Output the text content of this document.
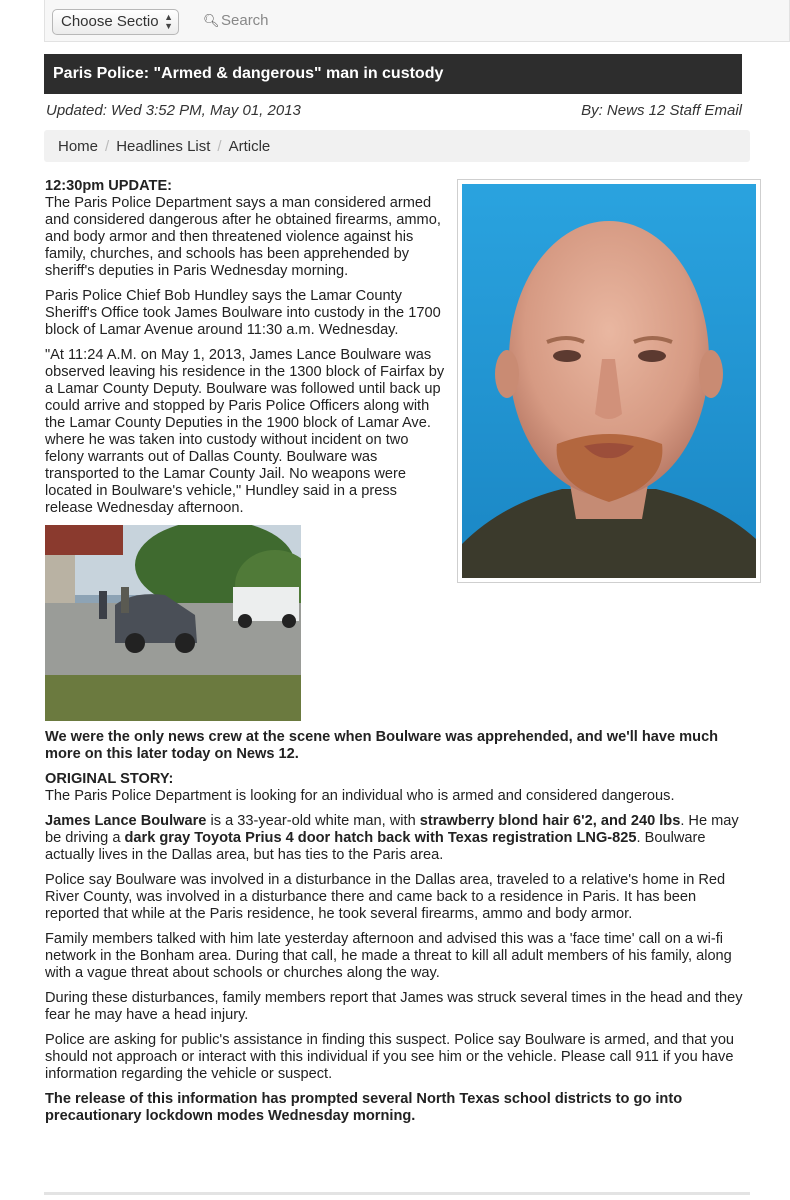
Choose Sectio ▲
▼ 🔍︎Search
Paris Police: "Armed & dangerous" man in custody
Updated: Wed 3:52 PM, May 01, 2013	By: News 12 Staff Email
Home / Headlines List / Article

12:30pm UPDATE:
The Paris Police Department says a man considered armed and considered dangerous after he obtained firearms, ammo, and body armor and then threatened violence against his family, churches, and schools has been apprehended by sheriff's deputies in Paris Wednesday morning.

Paris Police Chief Bob Hundley says the Lamar County Sheriff's Office took James Boulware into custody in the 1700 block of Lamar Avenue around 11:30 a.m. Wednesday.

"At 11:24 A.M. on May 1, 2013, James Lance Boulware was observed leaving his residence in the 1300 block of Fairfax by a Lamar County Deputy. Boulware was followed until back up could arrive and stopped by Paris Police Officers along with the Lamar County Deputies in the 1900 block of Lamar Ave. where he was taken into custody without incident on two felony warrants out of Dallas County. Boulware was transported to the Lamar County Jail. No weapons were located in Boulware's vehicle," Hundley said in a press release Wednesday afternoon.

We were the only news crew at the scene when Boulware was apprehended, and we'll have much more on this later today on News 12.

ORIGINAL STORY:
The Paris Police Department is looking for an individual who is armed and considered dangerous.

James Lance Boulware is a 33-year-old white man, with strawberry blond hair 6'2, and 240 lbs. He may be driving a dark gray Toyota Prius 4 door hatch back with Texas registration LNG-825. Boulware actually lives in the Dallas area, but has ties to the Paris area.

Police say Boulware was involved in a disturbance in the Dallas area, traveled to a relative's home in Red River County, was involved in a disturbance there and came back to a residence in Paris. It has been reported that while at the Paris residence, he took several firearms, ammo and body armor.

Family members talked with him late yesterday afternoon and advised this was a 'face time' call on a wi-fi network in the Bonham area. During that call, he made a threat to kill all adult members of his family, along with a vague threat about schools or churches along the way.

During these disturbances, family members report that James was struck several times in the head and they fear he may have a head injury.

Police are asking for public's assistance in finding this suspect. Police say Boulware is armed, and that you should not approach or interact with this individual if you see him or the vehicle. Please call 911 if you have information regarding the vehicle or suspect.

The release of this information has prompted several North Texas school districts to go into precautionary lockdown modes Wednesday morning.
